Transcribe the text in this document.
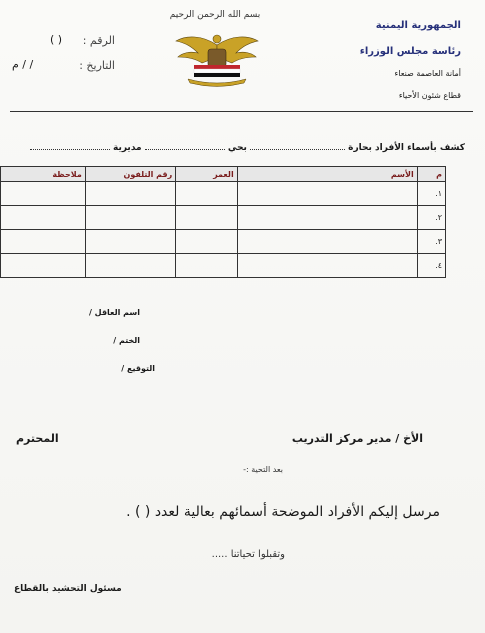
بسم الله الرحمن الرحيم
الجمهورية اليمنية
رئاسة مجلس الوزراء
أمانة العاصمة صنعاء
قطاع شئون الأحياء
الرقم :
( )
التاريخ :
/ / م
كشف بأسماء الأفراد بحارة  بحي  مديرية
م	الأسم	العمر	رقم التلفون	ملاحظة
١.				
٢.				
٣.				
٤.				
اسم العاقل /
الختم /
التوقيع /
الأخ / مدير مركز التدريب
المحترم
بعد التحية :-
مرسل إليكم الأفراد الموضحة أسمائهم بعالية لعدد ( ) .
وتقبلوا تحياتنا .....
مسئول التحشيد بالقطاع
